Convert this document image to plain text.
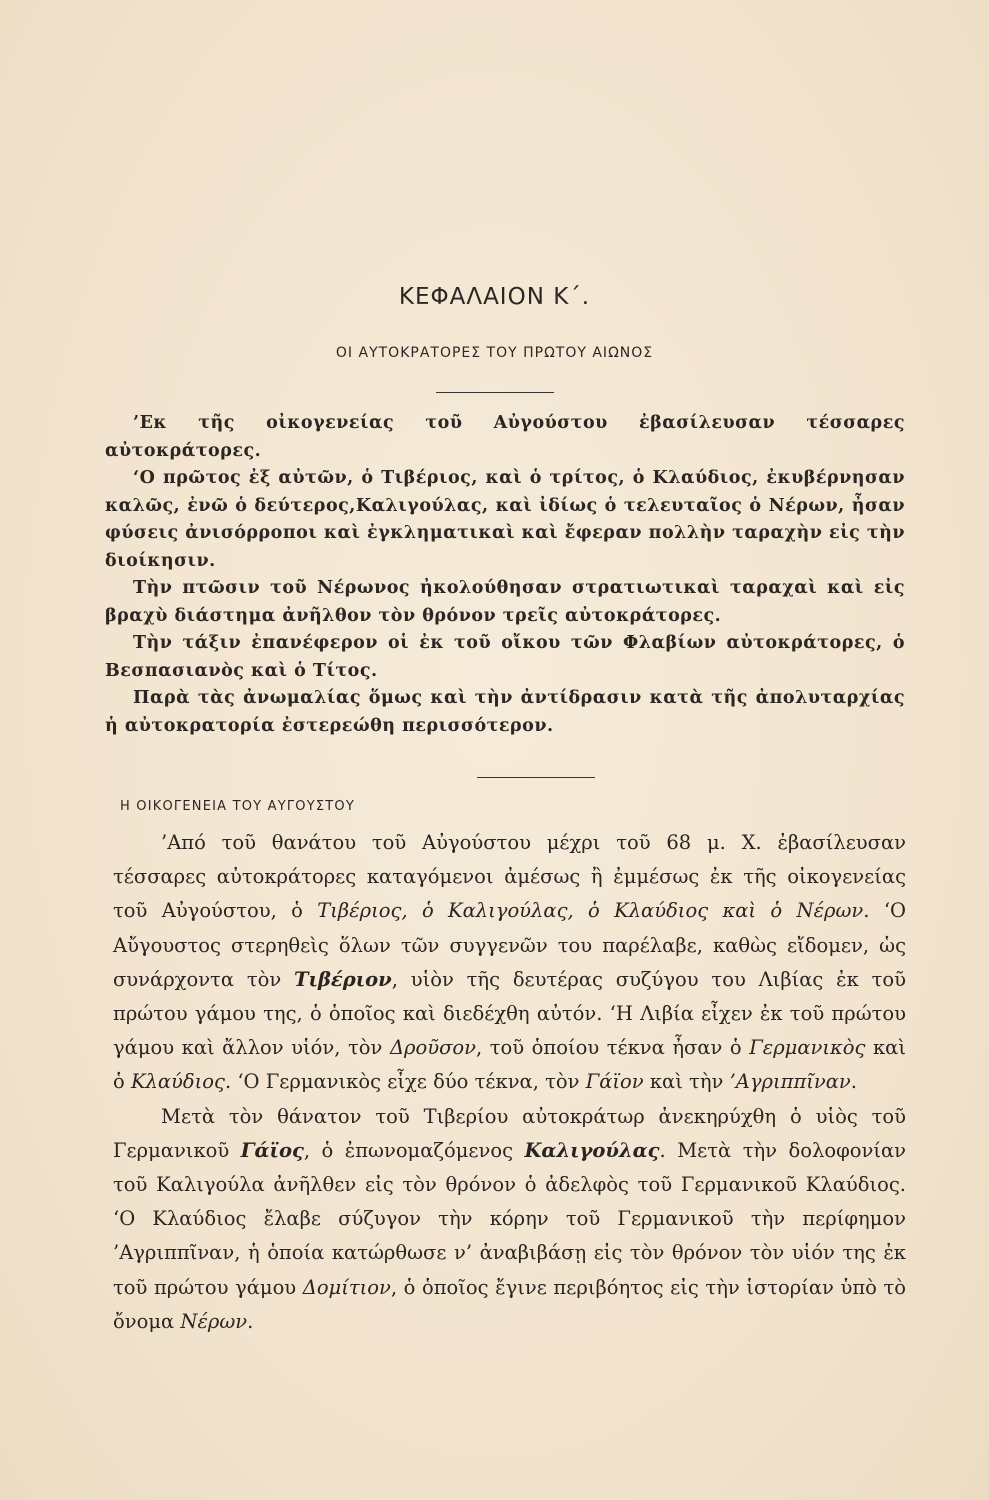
ΚΕΦΑΛΑΙΟΝ Κ΄.
ΟΙ ΑΥΤΟΚΡΑΤΟΡΕΣ ΤΟΥ ΠΡΩΤΟΥ ΑΙΩΝΟΣ

’Εκ τῆς οἰκογενείας τοῦ Αὐγούστου ἐβασίλευσαν τέσσαρες αὐτοκράτορες.

‘Ο πρῶτος ἐξ αὐτῶν, ὁ Τιβέριος, καὶ ὁ τρίτος, ὁ Κλαύδιος, ἐκυβέρνησαν καλῶς, ἐνῶ ὁ δεύτερος,Καλιγούλας, καὶ ἰδίως ὁ τελευταῖος ὁ Νέρων, ἦσαν φύσεις ἀνισόρροποι καὶ ἐγκληματικαὶ καὶ ἔφεραν πολλὴν ταραχὴν εἰς τὴν διοίκησιν.

Τὴν πτῶσιν τοῦ Νέρωνος ἠκολούθησαν στρατιωτικαὶ ταραχαὶ καὶ εἰς βραχὺ διάστημα ἀνῆλθον τὸν θρόνον τρεῖς αὐτοκράτορες.

Τὴν τάξιν ἐπανέφερον οἱ ἐκ τοῦ οἴκου τῶν Φλαβίων αὐτοκράτορες, ὁ Βεσπασιανὸς καὶ ὁ Τίτος.

Παρὰ τὰς ἀνωμαλίας ὅμως καὶ τὴν ἀντίδρασιν κατὰ τῆς ἀπολυταρχίας ἡ αὐτοκρατορία ἐστερεώθη περισσότερον.

Η ΟΙΚΟΓΕΝΕΙΑ ΤΟΥ ΑΥΓΟΥΣΤΟΥ

’Από τοῦ θανάτου τοῦ Αὐγούστου μέχρι τοῦ 68 μ. Χ. ἐβασίλευσαν τέσσαρες αὐτοκράτορες καταγόμενοι ἀμέσως ἢ ἐμμέσως ἐκ τῆς οἰκογενείας τοῦ Αὐγούστου, ὁ Τιβέριος, ὁ Καλιγούλας, ὁ Κλαύδιος καὶ ὁ Νέρων. ‘Ο Αὔγουστος στερηθεὶς ὅλων τῶν συγγενῶν του παρέλαβε, καθὼς εἴδομεν, ὡς συνάρχοντα τὸν Τιβέριον, υἱὸν τῆς δευτέρας συζύγου του Λιβίας ἐκ τοῦ πρώτου γάμου της, ὁ ὁποῖος καὶ διεδέχθη αὐτόν. ‘Η Λιβία εἶχεν ἐκ τοῦ πρώτου γάμου καὶ ἄλλον υἱόν, τὸν Δροῦσον, τοῦ ὁποίου τέκνα ἦσαν ὁ Γερμανικὸς καὶ ὁ Κλαύδιος. ‘Ο Γερμανικὸς εἶχε δύο τέκνα, τὸν Γάϊον καὶ τὴν ’Αγριππῖναν.

Μετὰ τὸν θάνατον τοῦ Τιβερίου αὐτοκράτωρ ἀνεκηρύχθη ὁ υἱὸς τοῦ Γερμανικοῦ Γάϊος, ὁ ἐπωνομαζόμενος Καλιγούλας. Μετὰ τὴν δολοφονίαν τοῦ Καλιγούλα ἀνῆλθεν εἰς τὸν θρόνον ὁ ἀδελφὸς τοῦ Γερμανικοῦ Κλαύδιος. ‘Ο Κλαύδιος ἔλαβε σύζυγον τὴν κόρην τοῦ Γερμανικοῦ τὴν περίφημον ’Αγριππῖναν, ἡ ὁποία κατώρθωσε ν’ ἀναβιβάσῃ εἰς τὸν θρόνον τὸν υἱόν της ἐκ τοῦ πρώτου γάμου Δομίτιον, ὁ ὁποῖος ἔγινε περιβόητος εἰς τὴν ἱστορίαν ὑπὸ τὸ ὄνομα Νέρων.
